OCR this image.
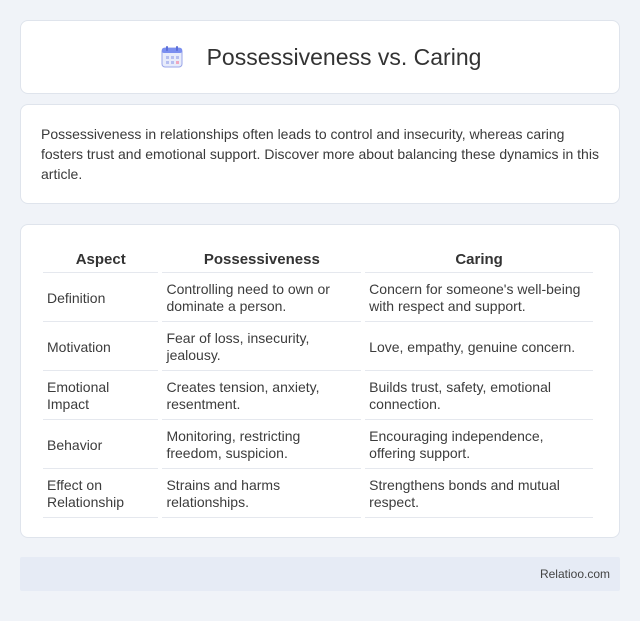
Possessiveness vs. Caring

Possessiveness in relationships often leads to control and insecurity, whereas caring fosters trust and emotional support. Discover more about balancing these dynamics in this article.

Aspect	Possessiveness	Caring
Definition	Controlling need to own or dominate a person.	Concern for someone's well-being with respect and support.
Motivation	Fear of loss, insecurity, jealousy.	Love, empathy, genuine concern.
Emotional Impact	Creates tension, anxiety, resentment.	Builds trust, safety, emotional connection.
Behavior	Monitoring, restricting freedom, suspicion.	Encouraging independence, offering support.
Effect on Relationship	Strains and harms relationships.	Strengthens bonds and mutual respect.
Relatioo.com
